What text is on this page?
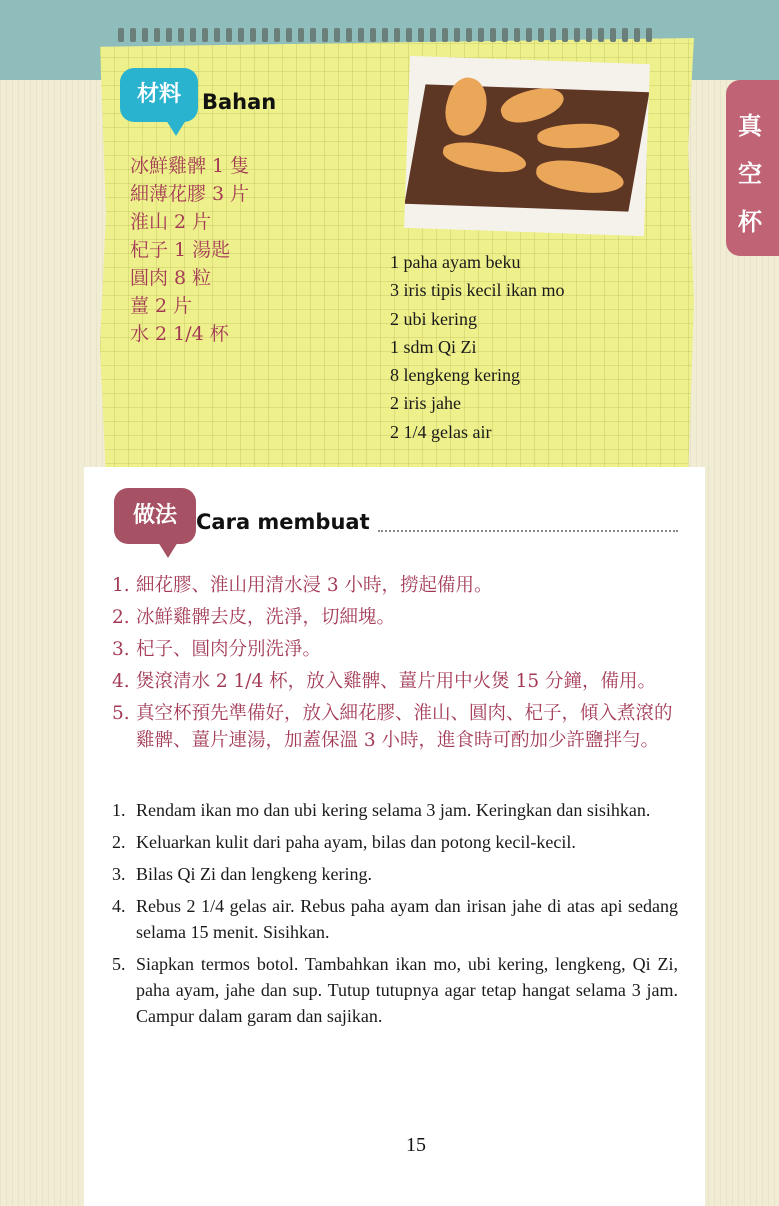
材料	Bahan
冰鮮雞髀 1 隻
細薄花膠 3 片
淮山 2 片
杞子 1 湯匙
圓肉 8 粒
薑 2 片
水 2 1/4 杯
1 paha ayam beku
3 iris tipis kecil ikan mo
2 ubi kering
1 sdm Qi Zi
8 lengkeng kering
2 iris jahe
2 1/4 gelas air
真
空
杯
做法 Cara membuat
1. 細花膠、淮山用清水浸 3 小時，撈起備用。
2. 冰鮮雞髀去皮，洗淨，切細塊。
3. 杞子、圓肉分別洗淨。
4. 煲滾清水 2 1/4 杯，放入雞髀、薑片用中火煲 15 分鐘，備用。
5. 真空杯預先準備好，放入細花膠、淮山、圓肉、杞子，傾入煮滾的雞髀、薑片連湯，加蓋保溫 3 小時，進食時可酌加少許鹽拌勻。
1. Rendam ikan mo dan ubi kering selama 3 jam. Keringkan dan sisihkan.
2. Keluarkan kulit dari paha ayam, bilas dan potong kecil-kecil.
3. Bilas Qi Zi dan lengkeng kering.
4. Rebus 2 1/4 gelas air. Rebus paha ayam dan irisan jahe di atas api sedang selama 15 menit. Sisihkan.
5. Siapkan termos botol. Tambahkan ikan mo, ubi kering, lengkeng, Qi Zi, paha ayam, jahe dan sup. Tutup tutupnya agar tetap hangat selama 3 jam. Campur dalam garam dan sajikan.
15
